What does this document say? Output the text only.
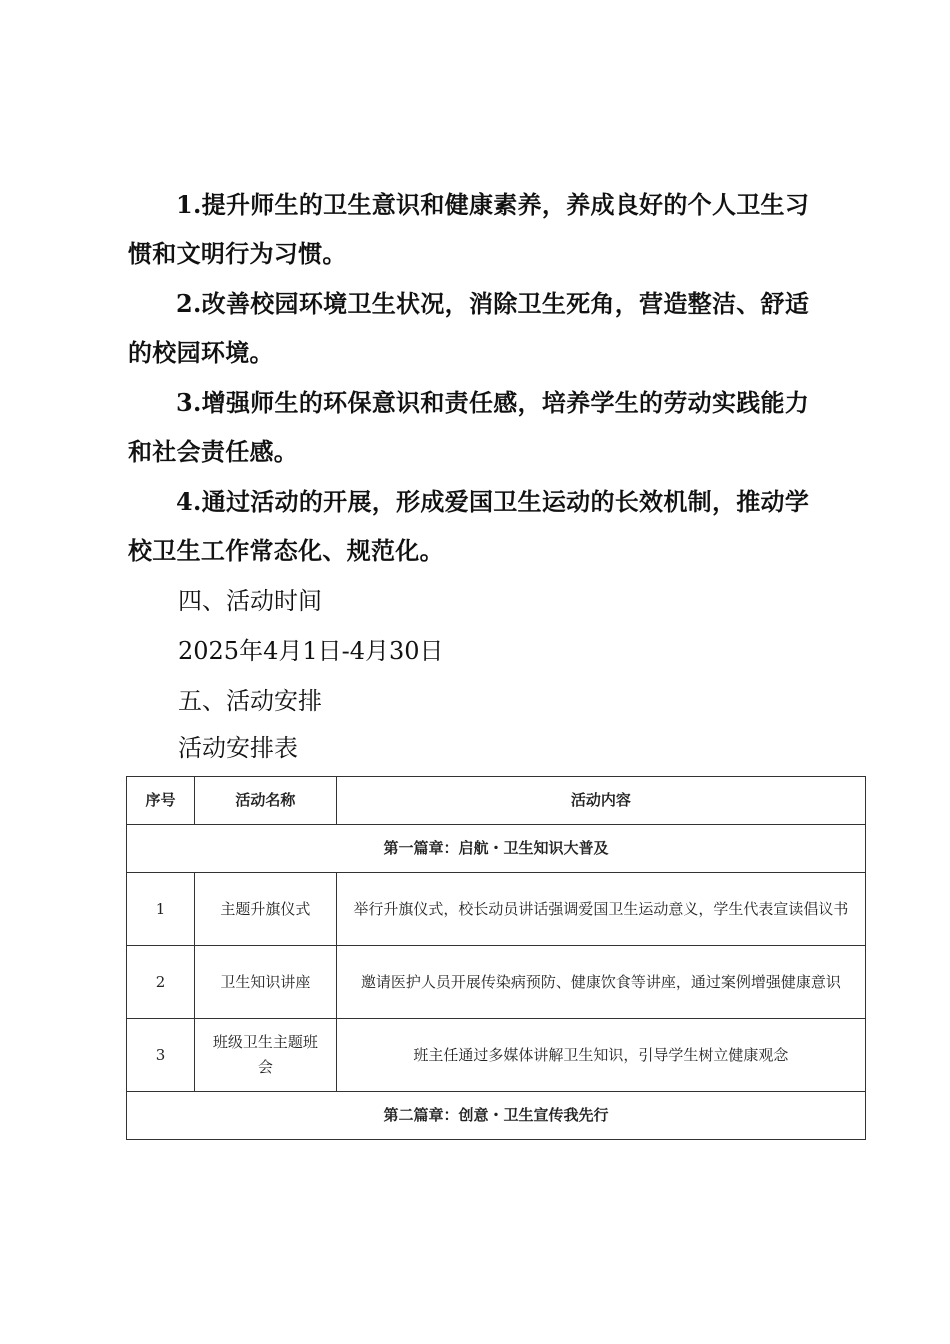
1.提升师生的卫生意识和健康素养，养成良好的个人卫生习惯和文明行为习惯。

2.改善校园环境卫生状况，消除卫生死角，营造整洁、舒适的校园环境。

3.增强师生的环保意识和责任感，培养学生的劳动实践能力和社会责任感。

4.通过活动的开展，形成爱国卫生运动的长效机制，推动学校卫生工作常态化、规范化。

四、活动时间

2025年4月1日-4月30日

五、活动安排

活动安排表

序号	活动名称	活动内容
第一篇章：启航・卫生知识大普及		
1	主题升旗仪式	举行升旗仪式，校长动员讲话强调爱国卫生运动意义，学生代表宣读倡议书
2	卫生知识讲座	邀请医护人员开展传染病预防、健康饮食等讲座，通过案例增强健康意识
3	班级卫生主题班会	班主任通过多媒体讲解卫生知识，引导学生树立健康观念
第二篇章：创意・卫生宣传我先行		
